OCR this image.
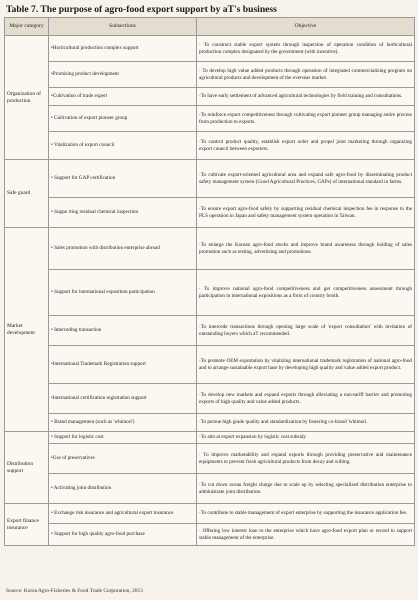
Table 7. The purpose of agro-food export support by aT's business
Major category	Subsections	Objective
Organization of production	•Horticultural production complex support	· To construct stable export system through inspection of operation condition of horticultural production complex designated by the government (with incentive).
	•Promising product development	· To develop high value added products through operation of integrated commercializing program on agricultural products and development of the overseas market.
	•Cultivation of trade expert	·To have early settlement of advanced agricultural technologies by field training and consultations.
	• Cultivation of export pioneer group	·To reinforce export competitiveness through cultivating export pioneer group managing entire process from production to exports.
	• Vitalization of export council	·To control product quality, establish export order and propel joint marketing through organizing export council between exporters.
Safe guard	• Support for GAP certification	·To cultivate export-oriented agricultural area and expand safe agro-food by disseminating product safety management system (Good Agricultural Practices, GAPs) of international standard in farms.
	• Suppo rting residual chemical inspection	·To ensure export agro-food safety by supporting residual chemical inspection fee in response to the PLS operation in Japan and safety management system operation in Taiwan.
Market development	• Sales promotion with distribution enterprise abroad	·To enlarge the Korean agro-food stocks and improve brand awareness through holding of sales promotion such as testing, advertising and promotions.
	• Support for international exposition participation	· To improve national agro-food competitiveness and get competitiveness assessment through participation in international expositions as a form of country booth.
	• Interceding transaction	·To intercede transactions through opening large scale of 'export consultation' with invitation of outstanding buyers which aT recommended.
	•International Trademark Registration support	·To promote OEM exportation by vitalizing international trademark registration of national agro-food and to arrange sustainable export base by developing high quality and value added export product.
	•International certification registration support	·To develop new markets and expand exports through alleviating a non-tariff barrier and promoting exports of high quality and value added products.
	• Brand management (such as 'whimori')	·To pursue high grade quality and standardization by fostering co-brand 'whimori.
Distribution support	• Support for logistic cost	·To aim at export expansion by logistic cost subsidy
	•Use of preservatives	· To improve marketability and expand exports through providing preservative and maintenance equipments to prevent fresh agricultural products from decay and wilting.
	• Activating joint distribution	·To cut down ocean freight charge due to scale up by selecting specialized distribution enterprise to administrate joint distribution.
Export finance insurance	• Exchange risk insurance and agricultural export insurance	·To contribute to stable management of export enterprise by supporting the insurance application fee.
	• Support for high quality agro-food purchase	· Offering low interest loan to the enterprise which have agro-food export plan or record to support stable management of the enterprise.
Source: Korea Agro-Fisheries & Food Trade Corporation, 2013
